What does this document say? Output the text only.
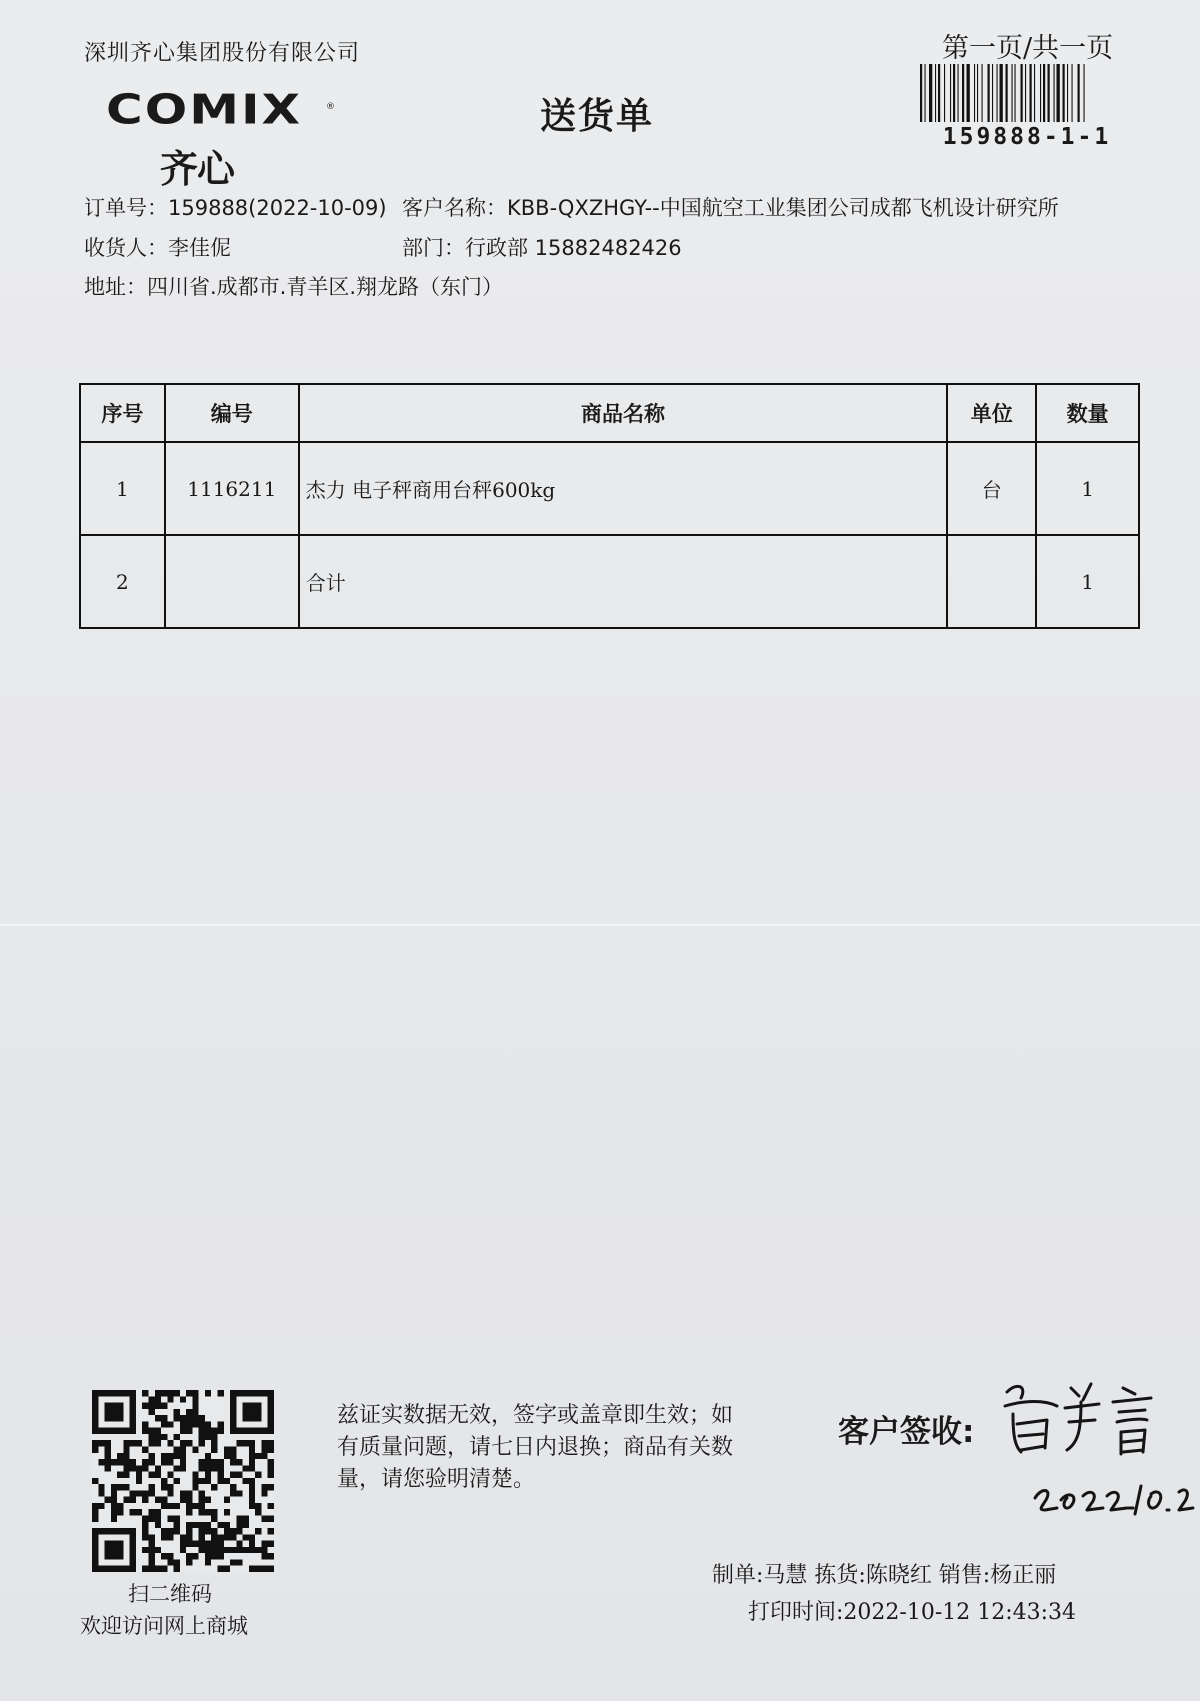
深圳齐心集团股份有限公司	第一页/共一页
159888-1-1
COMIX	®
齐心
送货单
订单号：159888(2022-10-09) 客户名称：KBB-QXZHGY--中国航空工业集团公司成都飞机设计研究所
收货人：李佳伲	部门：行政部 15882482426
地址：四川省.成都市.青羊区.翔龙路（东门）
序号	编号	商品名称	单位	数量
1	1116211	杰力 电子秤商用台秤600kg	台	1
2		合计		1
扫二维码
欢迎访问网上商城
兹证实数据无效，签字或盖章即生效；如有质量问题，请七日内退换；商品有关数量，请您验明清楚。
客户签收:
制单:马慧 拣货:陈晓红 销售:杨正丽
打印时间:2022-10-12 12:43:34
